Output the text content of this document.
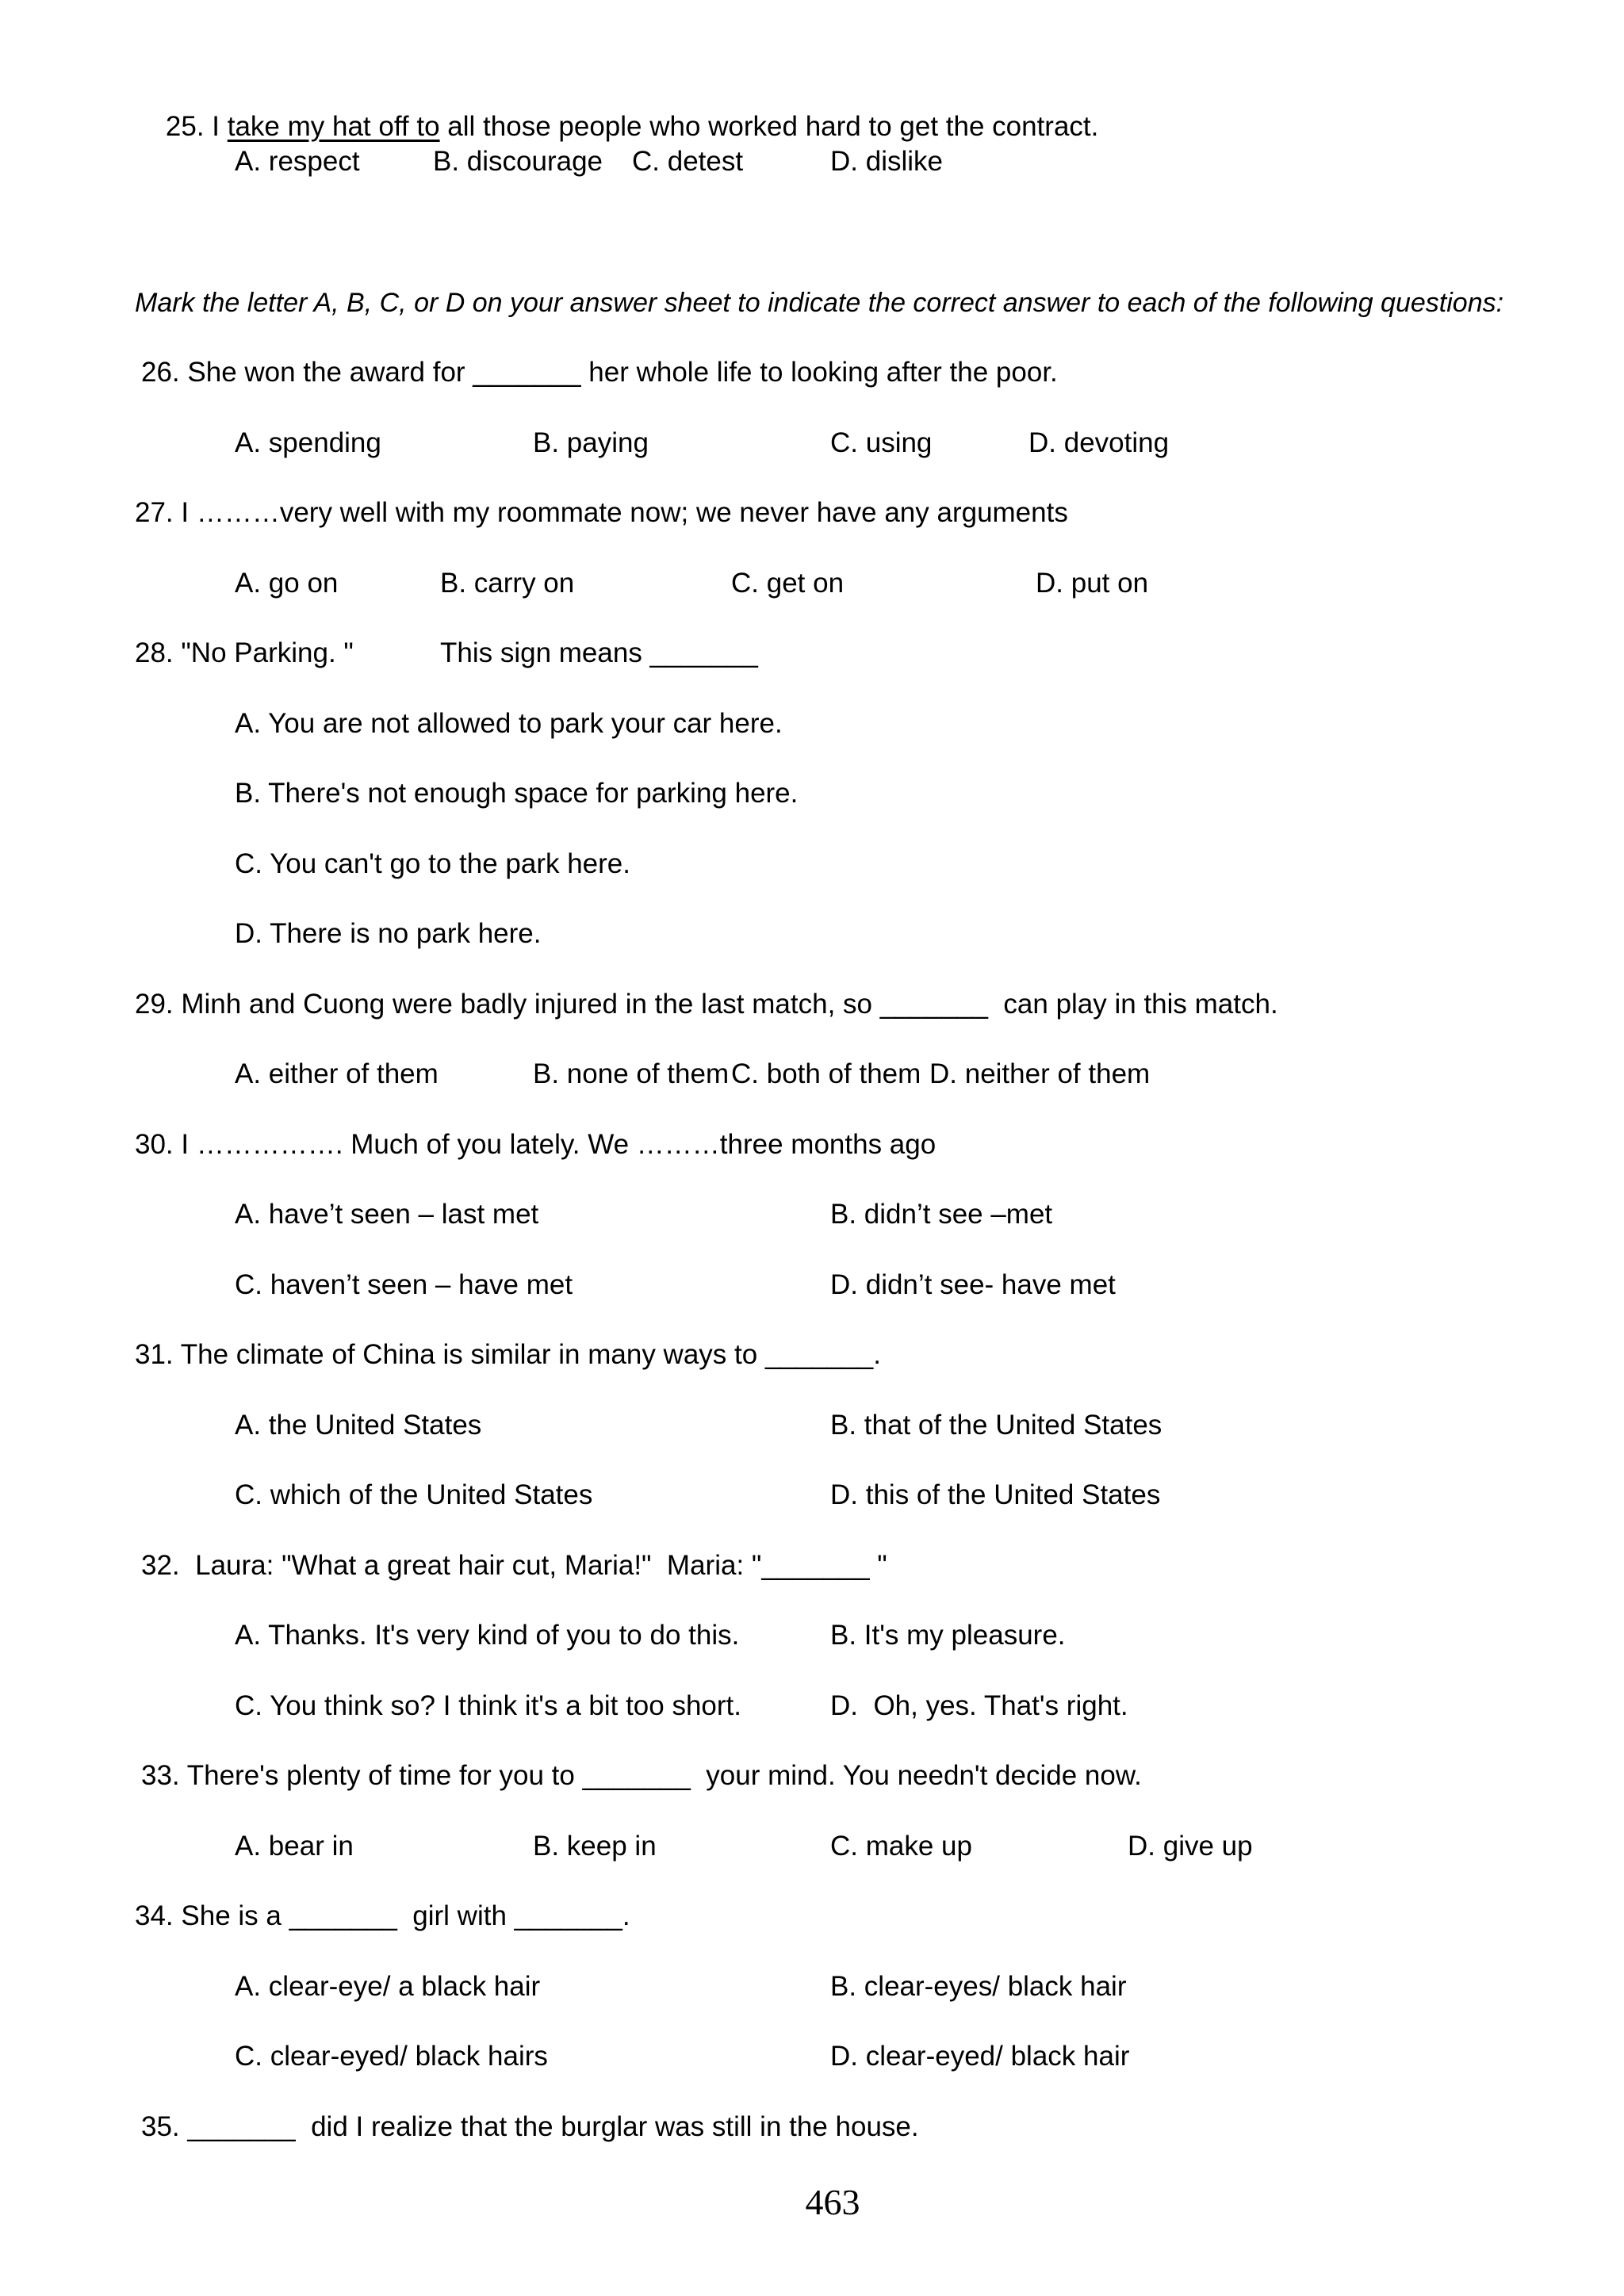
25. I take my hat off to all those people who worked hard to get the contract.

A. respect	B. discourage C. detest	D. dislike
Mark the letter A, B, C, or D on your answer sheet to indicate the correct answer to each of the following questions:
26. She won the award for _______ her whole life to looking after the poor.
A. spending	B. paying	C. using	D. devoting
27. I ………very well with my roommate now; we never have any arguments
A. go on	B. carry on	C. get on	D. put on
28. "No Parking. "	This sign means _______
A. You are not allowed to park your car here.
B. There's not enough space for parking here.
C. You can't go to the park here.
D. There is no park here.
29. Minh and Cuong were badly injured in the last match, so _______  can play in this match.
A. either of them	B. none of them C. both of them D. neither of them
30. I ……………. Much of you lately. We ………three months ago
A. have’t seen – last met	B. didn’t see –met
C. haven’t seen – have met	D. didn’t see- have met
31. The climate of China is similar in many ways to _______.
A. the United States	B. that of the United States
C. which of the United States	D. this of the United States
32.  Laura: "What a great hair cut, Maria!"  Maria: "_______ "
A. Thanks. It's very kind of you to do this.	B. It's my pleasure.
C. You think so? I think it's a bit too short.	D.  Oh, yes. That's right.
33. There's plenty of time for you to _______  your mind. You needn't decide now.
A. bear in	B. keep in	C. make up	D. give up
34. She is a _______  girl with _______.
A. clear-eye/ a black hair	B. clear-eyes/ black hair
C. clear-eyed/ black hairs	D. clear-eyed/ black hair
35. _______  did I realize that the burglar was still in the house.
463
